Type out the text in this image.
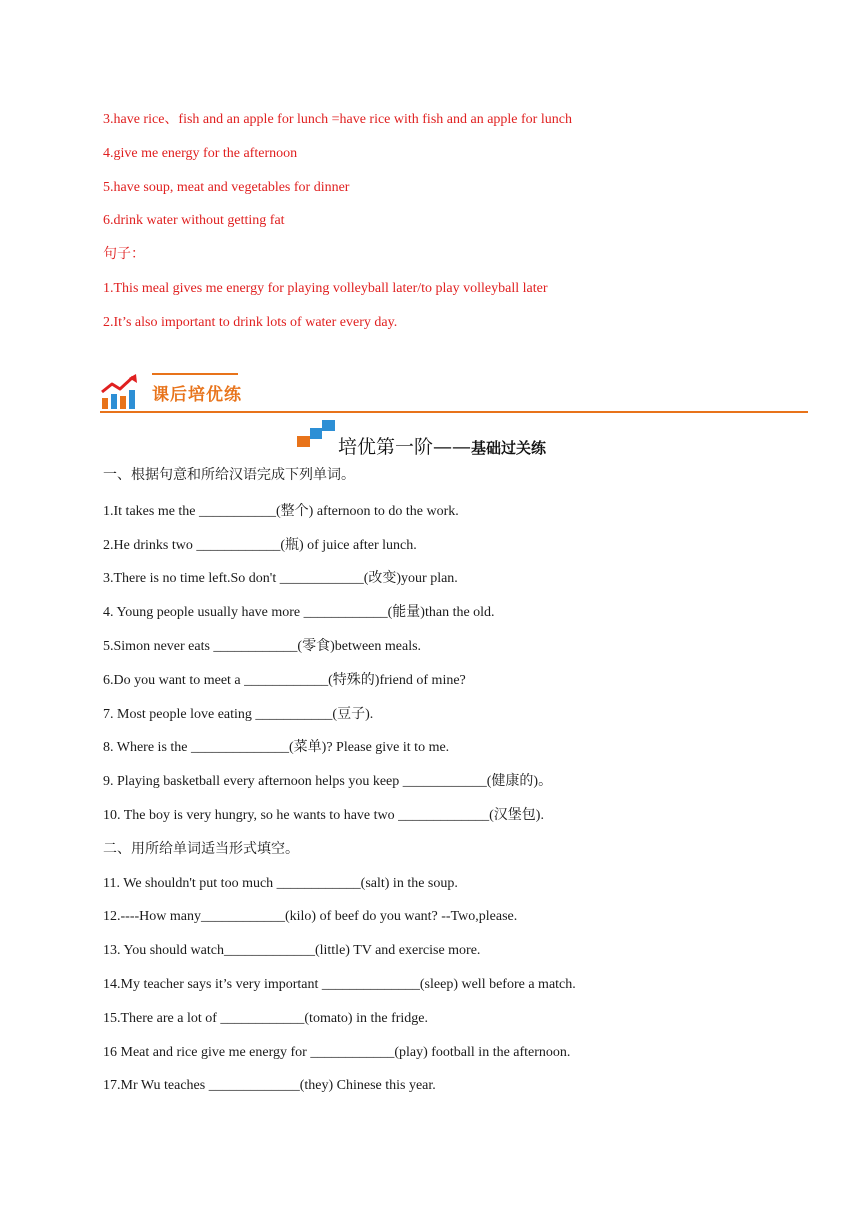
3.have rice、fish and an apple for lunch =have rice with fish and an apple for lunch
4.give me energy for the afternoon
5.have soup, meat and vegetables for dinner
6.drink water without getting fat
句子：
1.This meal gives me energy for playing volleyball later/to play volleyball later
2.It’s also important to drink lots of water every day.
课后培优练
培优第一阶——基础过关练
一、根据句意和所给汉语完成下列单词。
1.It takes me the ___________(整个) afternoon to do the work.
2.He drinks two ____________(瓶) of juice after lunch.
3.There is no time left.So don't ____________(改变)your plan.
4. Young people usually have more ____________(能量)than the old.
5.Simon never eats ____________(零食)between meals.
6.Do you want to meet a ____________(特殊的)friend of mine?
7. Most people love eating ___________(豆子).
8. Where is the ______________(菜单)? Please give it to me.
9. Playing basketball every afternoon helps you keep ____________(健康的)。
10. The boy is very hungry, so he wants to have two _____________(汉堡包).
二、用所给单词适当形式填空。
11. We shouldn't put too much ____________(salt) in the soup.
12.----How many____________(kilo) of beef do you want? --Two,please.
13. You should watch_____________(little) TV and exercise more.
14.My teacher says it’s very important ______________(sleep) well before a match.
15.There are a lot of ____________(tomato) in the fridge.
16 Meat and rice give me energy for ____________(play) football in the afternoon.
17.Mr Wu teaches _____________(they) Chinese this year.
